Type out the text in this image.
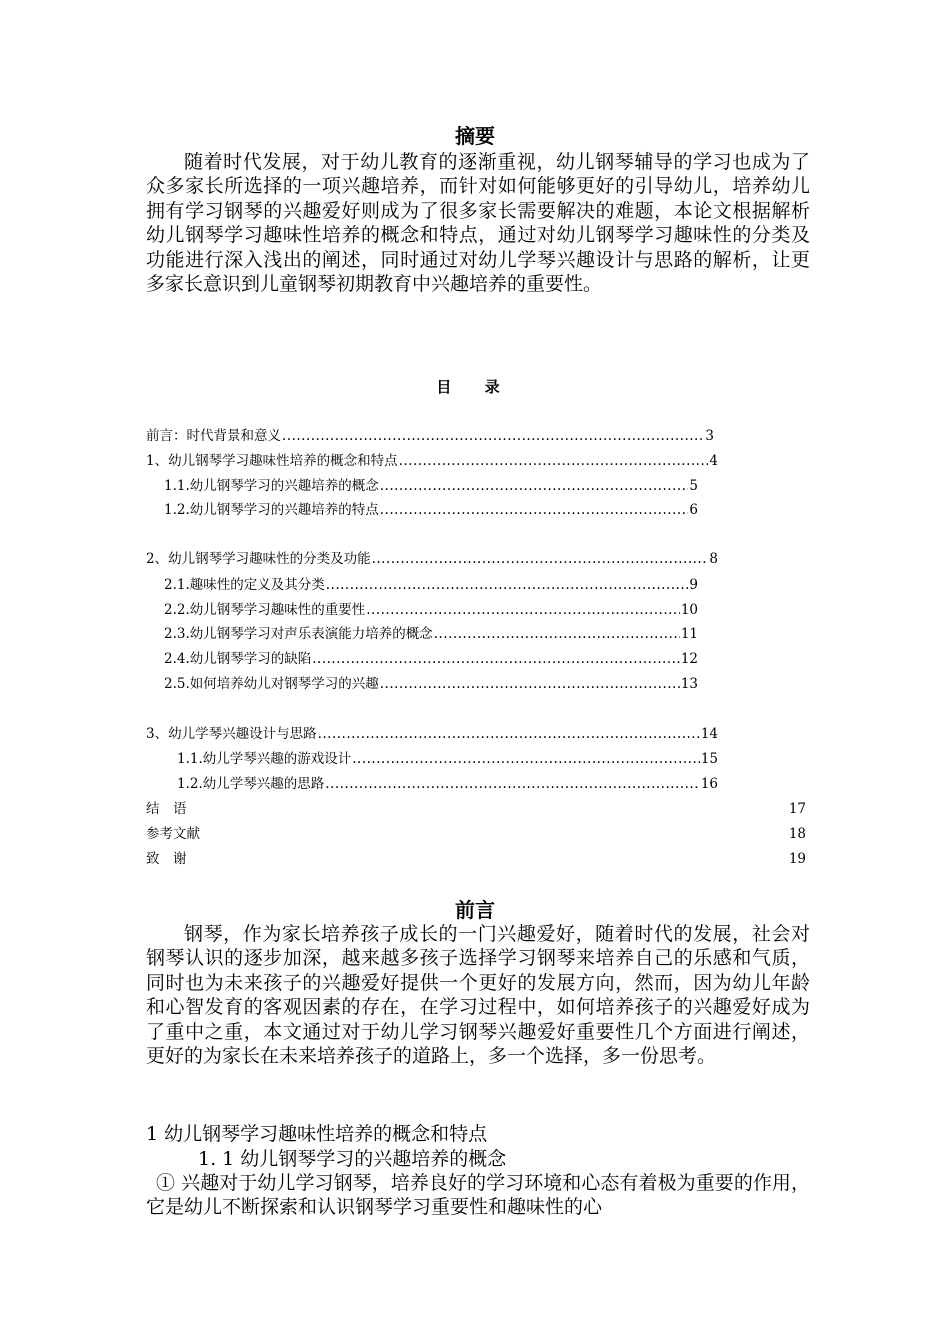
摘要
随着时代发展，对于幼儿教育的逐渐重视，幼儿钢琴辅导的学习也成为了众多家长所选择的一项兴趣培养，而针对如何能够更好的引导幼儿，培养幼儿拥有学习钢琴的兴趣爱好则成为了很多家长需要解决的难题，本论文根据解析幼儿钢琴学习趣味性培养的概念和特点，通过对幼儿钢琴学习趣味性的分类及功能进行深入浅出的阐述，同时通过对幼儿学琴兴趣设计与思路的解析，让更多家长意识到儿童钢琴初期教育中兴趣培养的重要性。
目 录
前言：时代背景和意义 .....	3
1、幼儿钢琴学习趣味性培养的概念和特点 .....	4
1.1.幼儿钢琴学习的兴趣培养的概念 .....	5
1.2.幼儿钢琴学习的兴趣培养的特点 .....	6
2、幼儿钢琴学习趣味性的分类及功能 .....	8
2.1.趣味性的定义及其分类 .....	9
2.2.幼儿钢琴学习趣味性的重要性 .....	10
2.3.幼儿钢琴学习对声乐表演能力培养的概念 .....	11
2.4.幼儿钢琴学习的缺陷 .....	12
2.5.如何培养幼儿对钢琴学习的兴趣 .....	13
3、幼儿学琴兴趣设计与思路 .....	14
1.1.幼儿学琴兴趣的游戏设计 .....	15
1.2.幼儿学琴兴趣的思路 .....	16
结　语	17
参考文献	18
致　谢	19
前言
钢琴，作为家长培养孩子成长的一门兴趣爱好，随着时代的发展，社会对钢琴认识的逐步加深，越来越多孩子选择学习钢琴来培养自己的乐感和气质，同时也为未来孩子的兴趣爱好提供一个更好的发展方向，然而，因为幼儿年龄和心智发育的客观因素的存在，在学习过程中，如何培养孩子的兴趣爱好成为了重中之重，本文通过对于幼儿学习钢琴兴趣爱好重要性几个方面进行阐述，更好的为家长在未来培养孩子的道路上，多一个选择，多一份思考。
1 幼儿钢琴学习趣味性培养的概念和特点
1. 1 幼儿钢琴学习的兴趣培养的概念
① 兴趣对于幼儿学习钢琴，培养良好的学习环境和心态有着极为重要的作用，它是幼儿不断探索和认识钢琴学习重要性和趣味性的心
